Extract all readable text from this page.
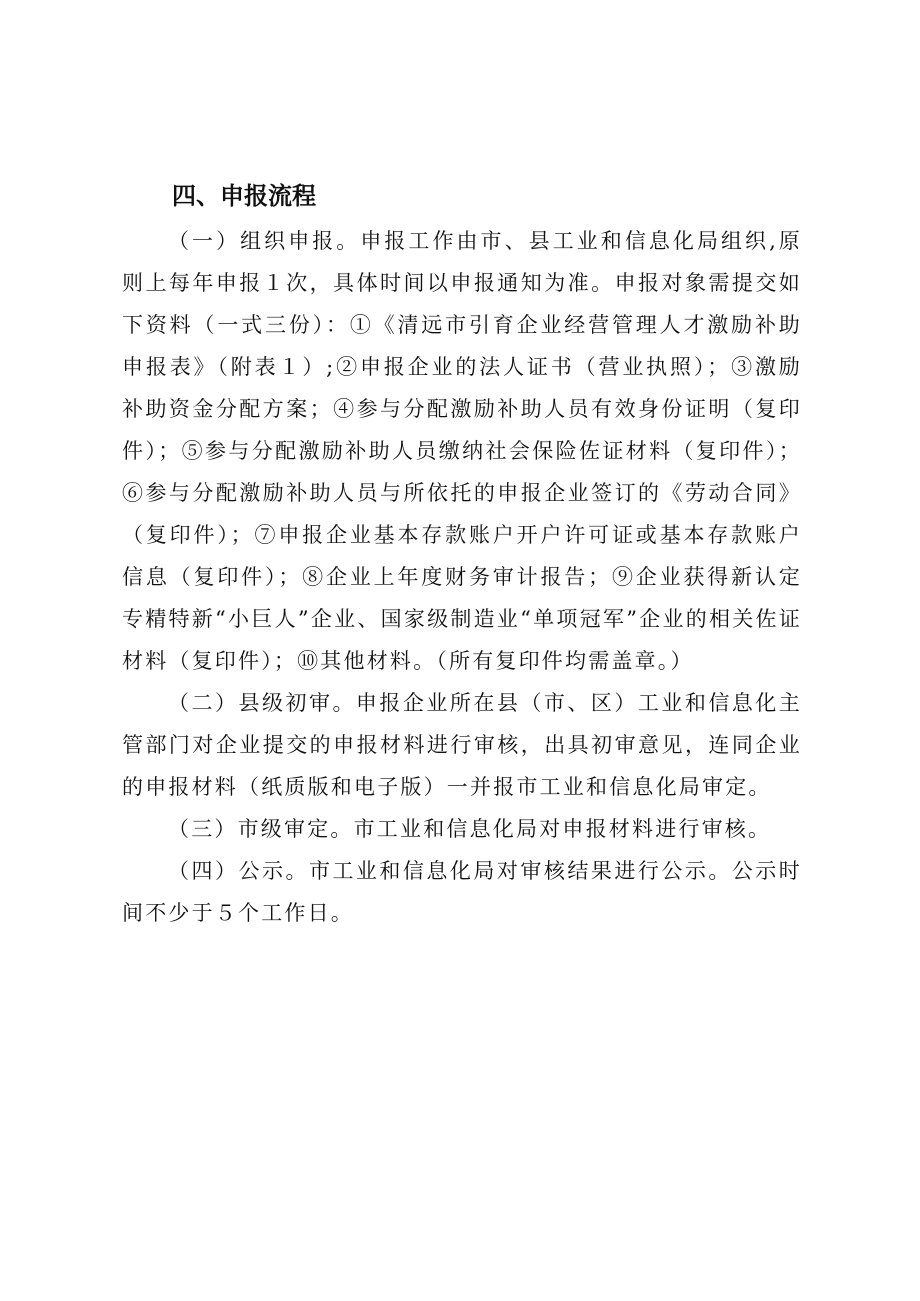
四、申报流程

（一）组织申报。申报工作由市、县工业和信息化局组织,原则上每年申报１次，具体时间以申报通知为准。申报对象需提交如下资料（一式三份）：①《清远市引育企业经营管理人才激励补助申报表》（附表１）;②申报企业的法人证书（营业执照）；③激励补助资金分配方案；④参与分配激励补助人员有效身份证明（复印件）；⑤参与分配激励补助人员缴纳社会保险佐证材料（复印件）；⑥参与分配激励补助人员与所依托的申报企业签订的《劳动合同》（复印件）；⑦申报企业基本存款账户开户许可证或基本存款账户信息（复印件）；⑧企业上年度财务审计报告；⑨企业获得新认定专精特新“小巨人”企业、国家级制造业“单项冠军”企业的相关佐证材料（复印件）；⑩其他材料。（所有复印件均需盖章。）

（二）县级初审。申报企业所在县（市、区）工业和信息化主管部门对企业提交的申报材料进行审核，出具初审意见，连同企业的申报材料（纸质版和电子版）一并报市工业和信息化局审定。

（三）市级审定。市工业和信息化局对申报材料进行审核。

（四）公示。市工业和信息化局对审核结果进行公示。公示时间不少于５个工作日。
